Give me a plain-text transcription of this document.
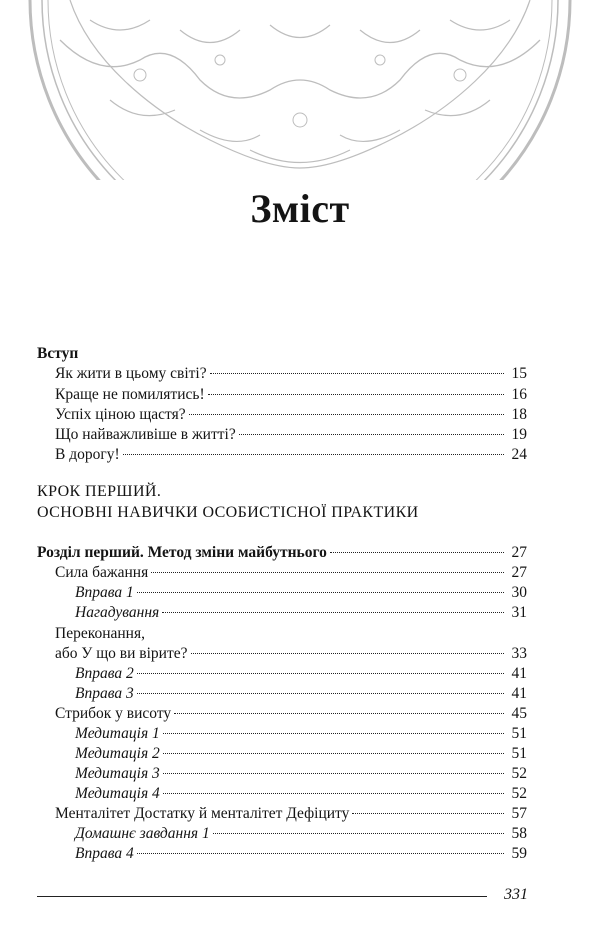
Зміст
Вступ
Як жити в цьому світі?	15
Краще не помилятись!	16
Успіх ціною щастя?	18
Що найважливіше в житті?	19
В дорогу!	24
КРОК ПЕРШИЙ.
ОСНОВНІ НАВИЧКИ ОСОБИСТІСНОЇ ПРАКТИКИ
Розділ перший. Метод зміни майбутнього	27
Сила бажання	27
Вправа 1	30
Нагадування	31
Переконання,
або У що ви вірите?	33
Вправа 2	41
Вправа 3	41
Стрибок у висоту	45
Медитація 1	51
Медитація 2	51
Медитація 3	52
Медитація 4	52
Менталітет Достатку й менталітет Дефіциту	57
Домашнє завдання 1	58
Вправа 4	59
331
